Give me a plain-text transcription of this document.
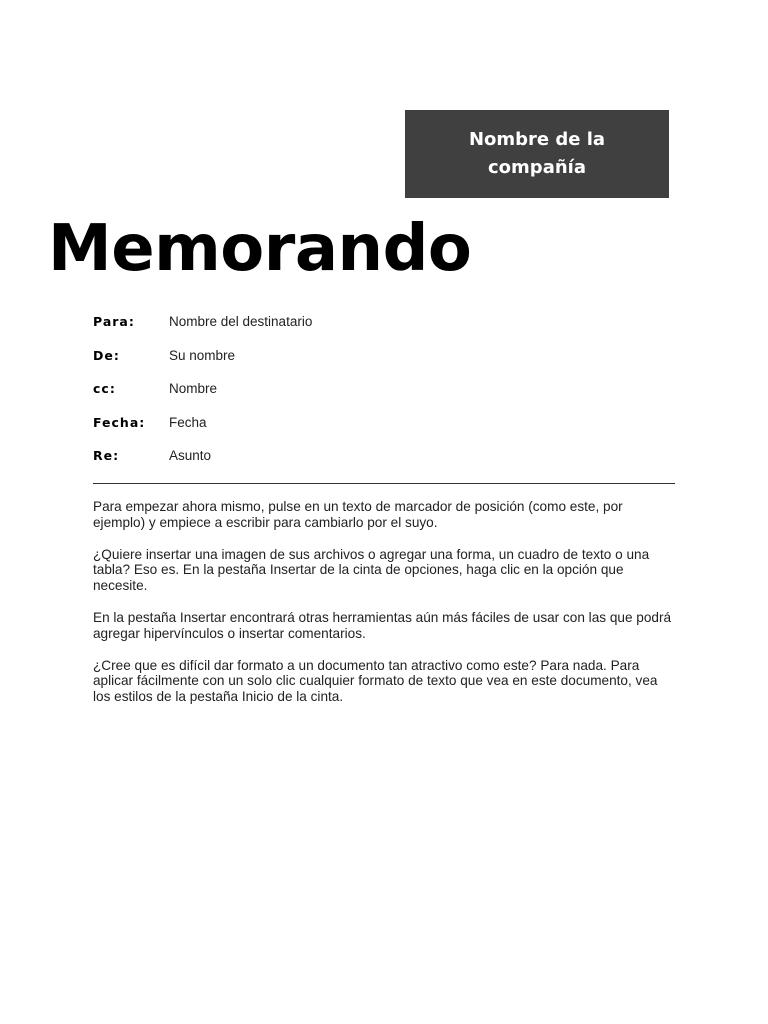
Nombre de la compañía
Memorando
Para:	Nombre del destinatario
De:	Su nombre
cc:	Nombre
Fecha:	Fecha
Re:	Asunto

Para empezar ahora mismo, pulse en un texto de marcador de posición (como este, por ejemplo) y empiece a escribir para cambiarlo por el suyo.

¿Quiere insertar una imagen de sus archivos o agregar una forma, un cuadro de texto o una tabla? Eso es. En la pestaña Insertar de la cinta de opciones, haga clic en la opción que necesite.

En la pestaña Insertar encontrará otras herramientas aún más fáciles de usar con las que podrá agregar hipervínculos o insertar comentarios.

¿Cree que es difícil dar formato a un documento tan atractivo como este? Para nada. Para aplicar fácilmente con un solo clic cualquier formato de texto que vea en este documento, vea los estilos de la pestaña Inicio de la cinta.
